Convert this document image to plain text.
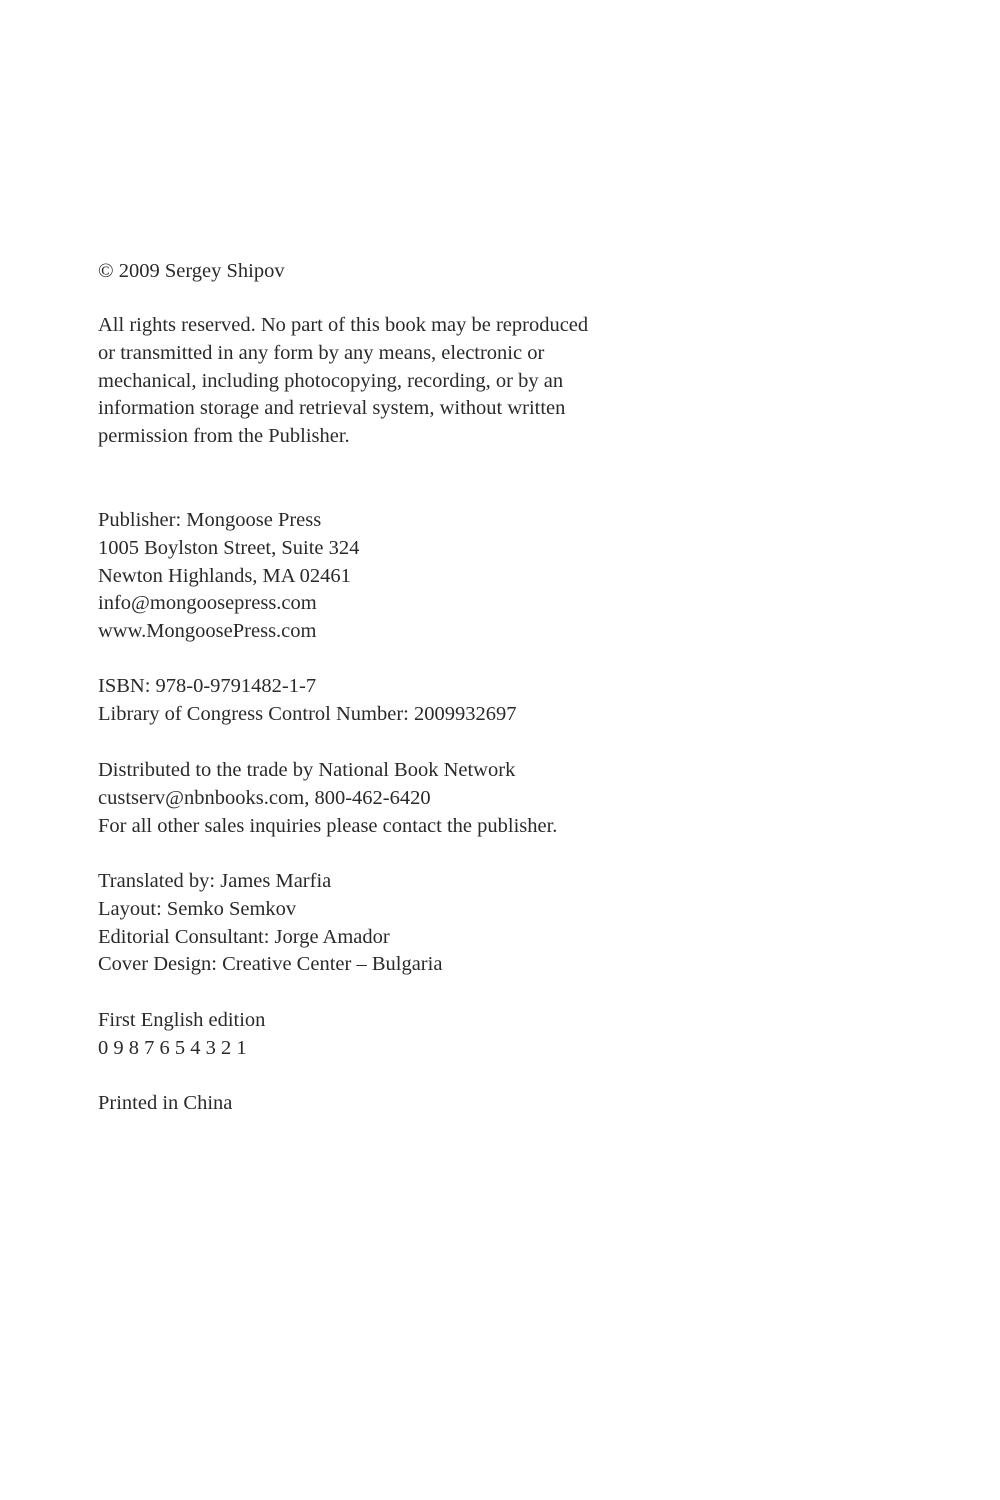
© 2009 Sergey Shipov
All rights reserved. No part of this book may be reproduced
or transmitted in any form by any means, electronic or
mechanical, including photocopying, recording, or by an
information storage and retrieval system, without written
permission from the Publisher.
Publisher: Mongoose Press
1005 Boylston Street, Suite 324
Newton Highlands, MA 02461
info@mongoosepress.com
www.MongoosePress.com
ISBN: 978-0-9791482-1-7
Library of Congress Control Number: 2009932697
Distributed to the trade by National Book Network
custserv@nbnbooks.com, 800-462-6420
For all other sales inquiries please contact the publisher.
Translated by: James Marfia
Layout: Semko Semkov
Editorial Consultant: Jorge Amador
Cover Design: Creative Center – Bulgaria
First English edition
0 9 8 7 6 5 4 3 2 1
Printed in China
